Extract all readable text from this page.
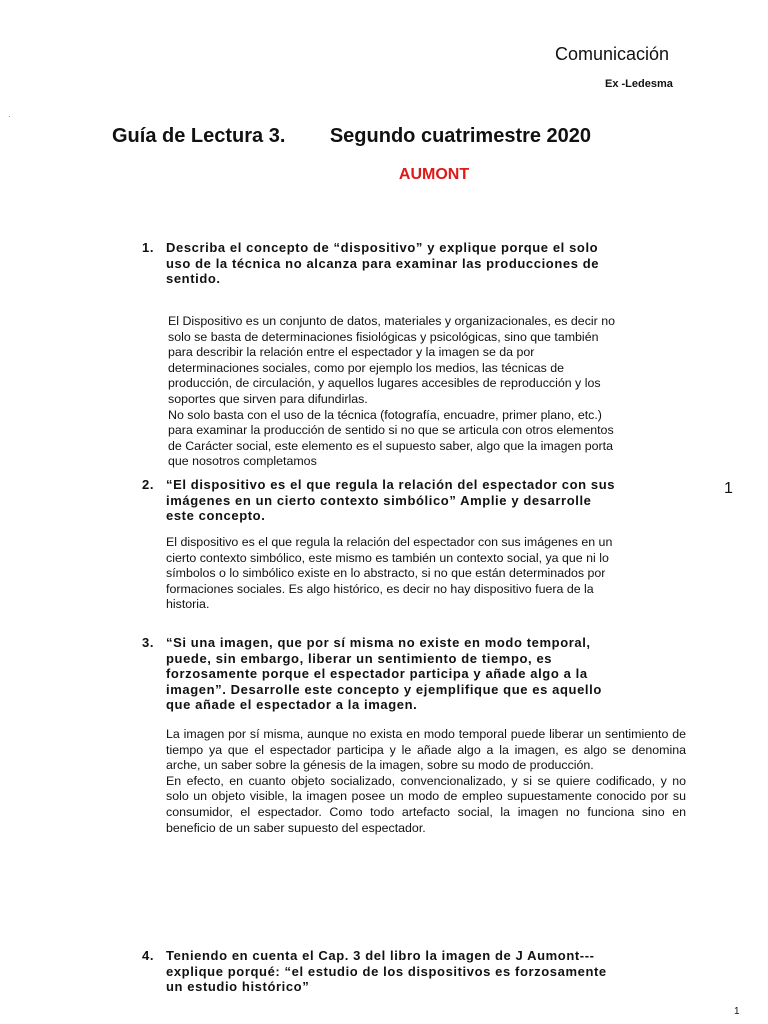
Comunicación
Ex -Ledesma
·
Guía de Lectura 3.        Segundo cuatrimestre 2020
AUMONT
1. Describa el concepto de “dispositivo” y explique porque el solo
uso de la técnica no alcanza para examinar las producciones de
sentido.
El Dispositivo es un conjunto de datos, materiales y organizacionales, es decir no
solo se basta de determinaciones fisiológicas y psicológicas, sino que también
para describir la relación entre el espectador y la imagen se da por
determinaciones sociales, como por ejemplo los medios, las técnicas de
producción, de circulación, y aquellos lugares accesibles de reproducción y los
soportes que sirven para difundirlas.
No solo basta con el uso de la técnica (fotografía, encuadre, primer plano, etc.)
para examinar la producción de sentido si no que se articula con otros elementos
de Carácter social, este elemento es el supuesto saber, algo que la imagen porta
que nosotros completamos
2. “El dispositivo es el que regula la relación del espectador con sus
imágenes en un cierto contexto simbólico” Amplie y desarrolle
este concepto.
El dispositivo es el que regula la relación del espectador con sus imágenes en un
cierto contexto simbólico, este mismo es también un contexto social, ya que ni lo
símbolos o lo simbólico existe en lo abstracto, si no que están determinados por
formaciones sociales. Es algo histórico, es decir no hay dispositivo fuera de la
historia.
3. “Si una imagen, que por sí misma no existe en modo temporal,
puede, sin embargo, liberar un sentimiento de tiempo, es
forzosamente porque el espectador participa y añade algo a la
imagen”. Desarrolle este concepto y ejemplifique que es aquello
que añade el espectador a la imagen.
La imagen por sí misma, aunque no exista en modo temporal puede liberar un sentimiento de tiempo ya que el espectador participa y le añade algo a la imagen, es algo se denomina arche, un saber sobre la génesis de la imagen, sobre su modo de producción.
En efecto, en cuanto objeto socializado, convencionalizado, y si se quiere codificado, y no solo un objeto visible, la imagen posee un modo de empleo supuestamente conocido por su consumidor, el espectador. Como todo artefacto social, la imagen no funciona sino en beneficio de un saber supuesto del espectador.
4. Teniendo en cuenta el Cap. 3 del libro la imagen de J Aumont---
explique porqué: “el estudio de los dispositivos es forzosamente
un estudio histórico”
1
1
